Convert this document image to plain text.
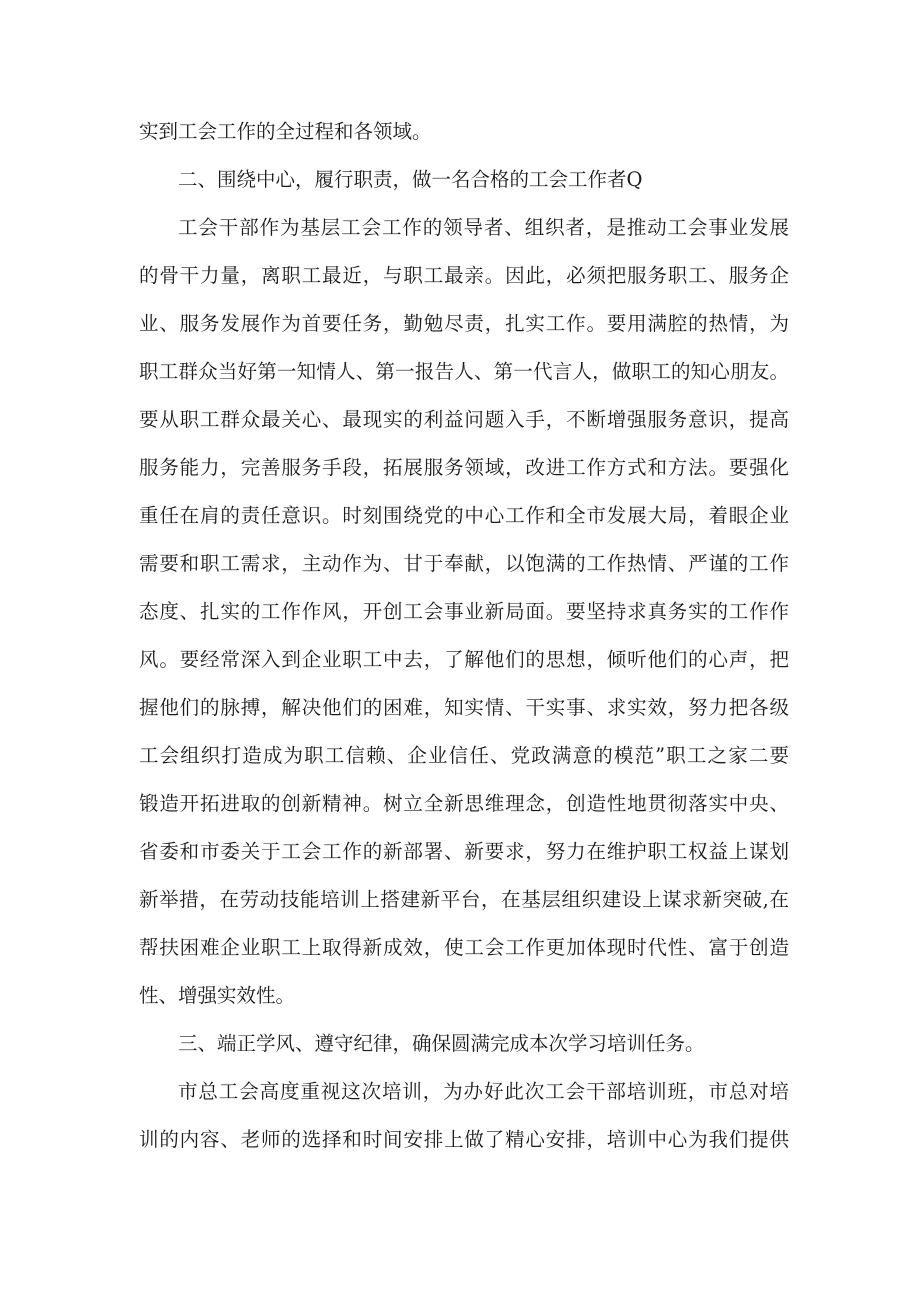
实到工会工作的全过程和各领域。
二、围绕中心，履行职责，做一名合格的工会工作者Q
工会干部作为基层工会工作的领导者、组织者，是推动工会事业发展
的骨干力量，离职工最近，与职工最亲。因此，必须把服务职工、服务企
业、服务发展作为首要任务，勤勉尽责，扎实工作。要用满腔的热情，为
职工群众当好第一知情人、第一报告人、第一代言人，做职工的知心朋友。
要从职工群众最关心、最现实的利益问题入手，不断增强服务意识，提高
服务能力，完善服务手段，拓展服务领域，改进工作方式和方法。要强化
重任在肩的责任意识。时刻围绕党的中心工作和全市发展大局，着眼企业
需要和职工需求，主动作为、甘于奉献，以饱满的工作热情、严谨的工作
态度、扎实的工作作风，开创工会事业新局面。要坚持求真务实的工作作
风。要经常深入到企业职工中去，了解他们的思想，倾听他们的心声，把
握他们的脉搏，解决他们的困难，知实情、干实事、求实效，努力把各级
工会组织打造成为职工信赖、企业信任、党政满意的模范”职工之家二要
锻造开拓进取的创新精神。树立全新思维理念，创造性地贯彻落实中央、
省委和市委关于工会工作的新部署、新要求，努力在维护职工权益上谋划
新举措，在劳动技能培训上搭建新平台，在基层组织建设上谋求新突破,在
帮扶困难企业职工上取得新成效，使工会工作更加体现时代性、富于创造
性、增强实效性。
三、端正学风、遵守纪律，确保圆满完成本次学习培训任务。
市总工会高度重视这次培训，为办好此次工会干部培训班，市总对培
训的内容、老师的选择和时间安排上做了精心安排，培训中心为我们提供
